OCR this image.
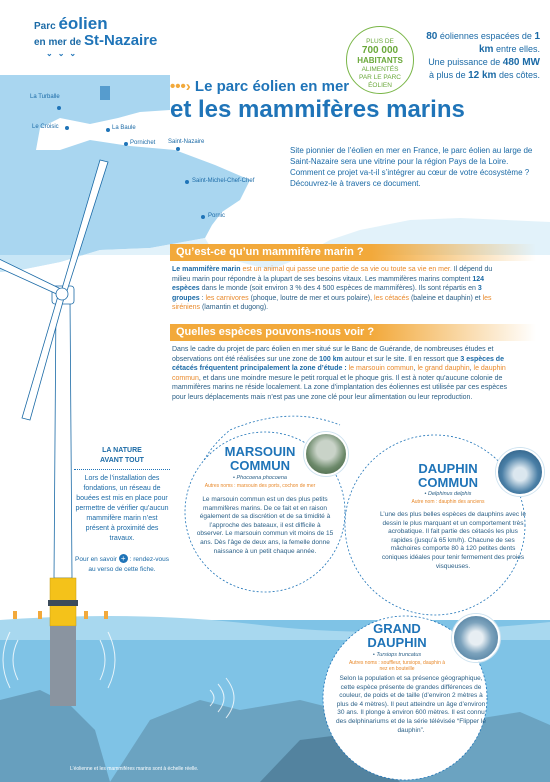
Parc éolien
en mer de St-Nazaire
⌄⌄⌄
PLUS DE
700 000
HABITANTS
ALIMENTÉS
PAR LE PARC
ÉOLIEN
80 éoliennes espacées de 1 km entre elles.
Une puissance de 480 MW
à plus de 12 km des côtes.
•••› Le parc éolien en mer
et les mammifères marins
La Turballe
Le Croisic	La Baule
Pornichet Saint-Nazaire
Saint-Michel-Chef-Chef
Pornic
Site pionnier de l’éolien en mer en France, le parc éolien au large de Saint-Nazaire sera une vitrine pour la région Pays de la Loire. Comment ce projet va-t-il s’intégrer au cœur de votre écosystème ? Découvrez-le à travers ce document.
Qu’est-ce qu’un mammifère marin ?
Le mammifère marin est un animal qui passe une partie de sa vie ou toute sa vie en mer. Il dépend du milieu marin pour répondre à la plupart de ses besoins vitaux. Les mammifères marins comptent 124 espèces dans le monde (soit environ 3 % des 4 500 espèces de mammifères). Ils sont répartis en 3 groupes : les carnivores (phoque, loutre de mer et ours polaire), les cétacés (baleine et dauphin) et les siréniens (lamantin et dugong).
Quelles espèces pouvons-nous voir ?
Dans le cadre du projet de parc éolien en mer situé sur le Banc de Guérande, de nombreuses études et observations ont été réalisées sur une zone de 100 km autour et sur le site. Il en ressort que 3 espèces de cétacés fréquentent principalement la zone d’étude : le marsouin commun, le grand dauphin, le dauphin commun, et dans une moindre mesure le petit rorqual et le phoque gris. Il est à noter qu’aucune colonie de mammifères marins ne réside localement. La zone d’implantation des éoliennes est utilisée par ces espèces pour leurs déplacements mais n’est pas une zone clé pour leur alimentation ou leur reproduction.
LA NATURE
AVANT TOUT
Lors de l’installation des fondations, un réseau de bouées est mis en place pour permettre de vérifier qu’aucun mammifère marin n’est présent à proximité des travaux.
Pour en savoir + : rendez-vous au verso de cette fiche.
MARSOUIN
COMMUN
• Phocoena phocoena
Autres noms : marsouin des ports, cochon de mer
Le marsouin commun est un des plus petits mammifères marins. De ce fait et en raison également de sa discrétion et de sa timidité à l’approche des bateaux, il est difficile à observer. Le marsouin commun vit moins de 15 ans. Dès l’âge de deux ans, la femelle donne naissance à un petit chaque année.
DAUPHIN
COMMUN
• Delphinus delphis
Autre nom : dauphin des anciens
L’une des plus belles espèces de dauphins avec le dessin le plus marquant et un comportement très acrobatique. Il fait partie des cétacés les plus rapides (jusqu’à 65 km/h). Chacune de ses mâchoires comporte 80 à 120 petites dents coniques idéales pour tenir fermement des proies visqueuses.
GRAND
DAUPHIN
• Tursiops truncatus
Autres noms : souffleur, tursiops, dauphin à nez en bouteille
Selon la population et sa présence géographique, cette espèce présente de grandes différences de couleur, de poids et de taille (d’environ 2 mètres à plus de 4 mètres). Il peut atteindre un âge d’environ 30 ans. Il plonge à environ 600 mètres. Il est connu des delphinariums et de la série télévisée “Flipper le dauphin”.
L’éolienne et les mammifères marins sont à échelle réelle.
